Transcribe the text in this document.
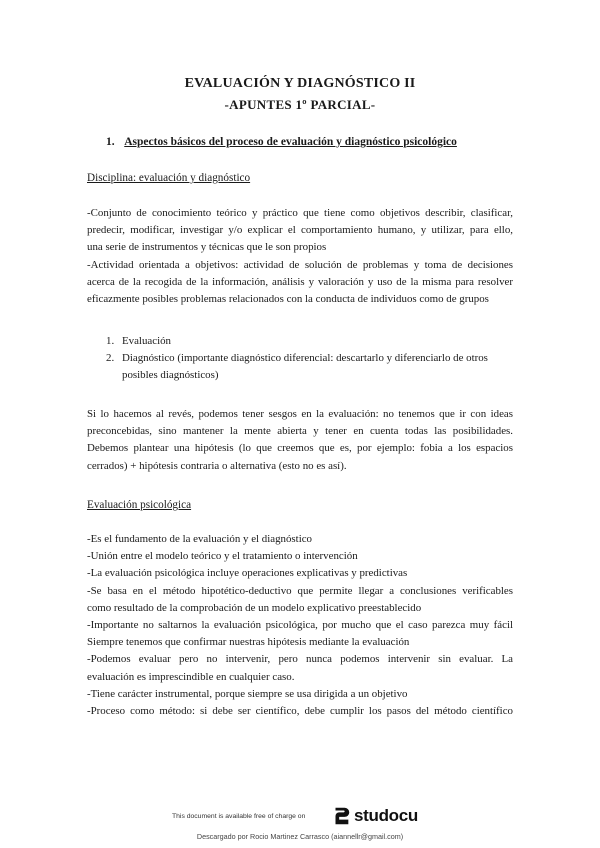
EVALUACIÓN Y DIAGNÓSTICO II
-APUNTES 1º PARCIAL-
1. Aspectos básicos del proceso de evaluación y diagnóstico psicológico
Disciplina: evaluación y diagnóstico
-Conjunto de conocimiento teórico y práctico que tiene como objetivos describir, clasificar,
predecir, modificar, investigar y/o explicar el comportamiento humano, y utilizar, para ello,
una serie de instrumentos y técnicas que le son propios
-Actividad orientada a objetivos: actividad de solución de problemas y toma de decisiones
acerca de la recogida de la información, análisis y valoración y uso de la misma para resolver
eficazmente posibles problemas relacionados con la conducta de individuos como de grupos
1. Evaluación
2. Diagnóstico (importante diagnóstico diferencial: descartarlo y diferenciarlo de otros posibles diagnósticos)
Si lo hacemos al revés, podemos tener sesgos en la evaluación: no tenemos que ir con ideas
preconcebidas, sino mantener la mente abierta y tener en cuenta todas las posibilidades.
Debemos plantear una hipótesis (lo que creemos que es, por ejemplo: fobia a los espacios
cerrados) + hipótesis contraria o alternativa (esto no es así).
Evaluación psicológica
-Es el fundamento de la evaluación y el diagnóstico
-Unión entre el modelo teórico y el tratamiento o intervención
-La evaluación psicológica incluye operaciones explicativas y predictivas
-Se basa en el método hipotético-deductivo que permite llegar a conclusiones verificables
como resultado de la comprobación de un modelo explicativo preestablecido
-Importante no saltarnos la evaluación psicológica, por mucho que el caso parezca muy fácil
Siempre tenemos que confirmar nuestras hipótesis mediante la evaluación
-Podemos evaluar pero no intervenir, pero nunca podemos intervenir sin evaluar. La
evaluación es imprescindible en cualquier caso.
-Tiene carácter instrumental, porque siempre se usa dirigida a un objetivo
-Proceso como método: si debe ser científico, debe cumplir los pasos del método científico
This document is available free of charge on	studocu
Descargado por Rocio Martinez Carrasco (aiannellr@gmail.com)
